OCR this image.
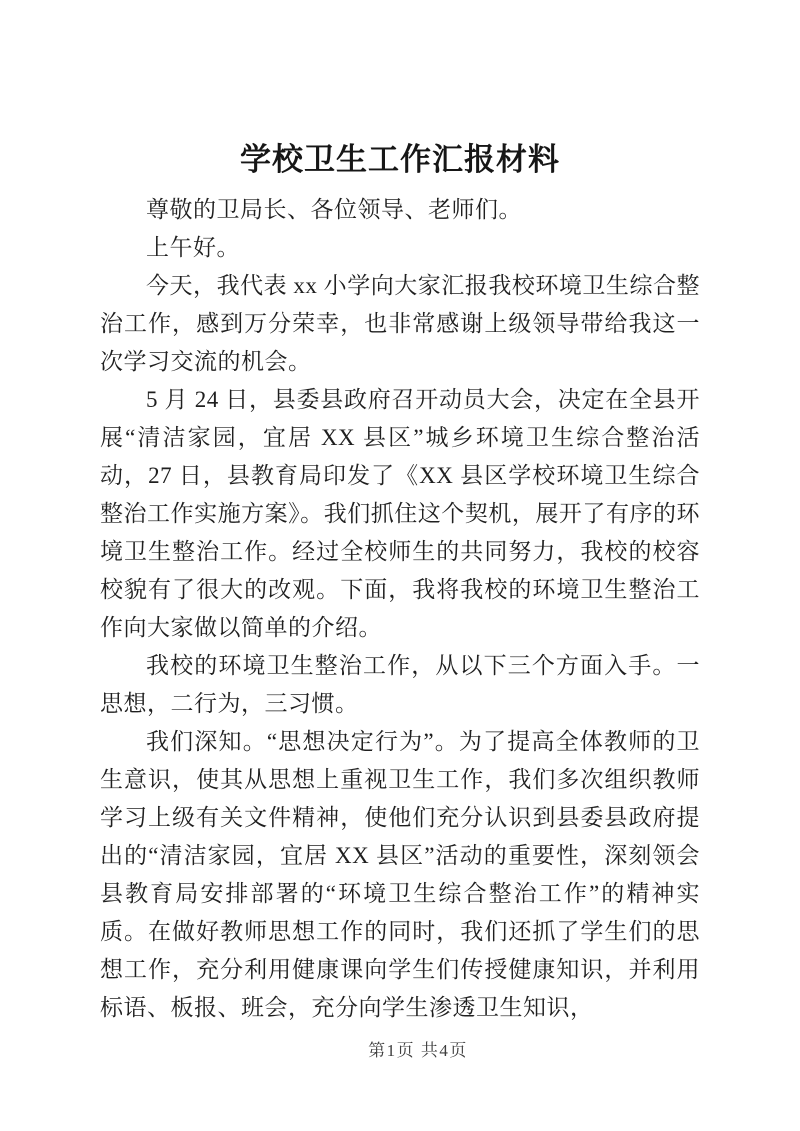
学校卫生工作汇报材料

尊敬的卫局长、各位领导、老师们。

上午好。

今天，我代表 xx 小学向大家汇报我校环境卫生综合整治工作，感到万分荣幸，也非常感谢上级领导带给我这一次学习交流的机会。

5 月 24 日，县委县政府召开动员大会，决定在全县开展“清洁家园，宜居 XX 县区”城乡环境卫生综合整治活动，27 日，县教育局印发了《XX 县区学校环境卫生综合整治工作实施方案》。我们抓住这个契机，展开了有序的环境卫生整治工作。经过全校师生的共同努力，我校的校容校貌有了很大的改观。下面，我将我校的环境卫生整治工作向大家做以简单的介绍。

我校的环境卫生整治工作，从以下三个方面入手。一思想，二行为，三习惯。

我们深知。“思想决定行为”。为了提高全体教师的卫生意识，使其从思想上重视卫生工作，我们多次组织教师学习上级有关文件精神，使他们充分认识到县委县政府提出的“清洁家园，宜居 XX 县区”活动的重要性，深刻领会县教育局安排部署的“环境卫生综合整治工作”的精神实质。在做好教师思想工作的同时，我们还抓了学生们的思想工作，充分利用健康课向学生们传授健康知识，并利用标语、板报、班会，充分向学生渗透卫生知识，

第1页 共4页
